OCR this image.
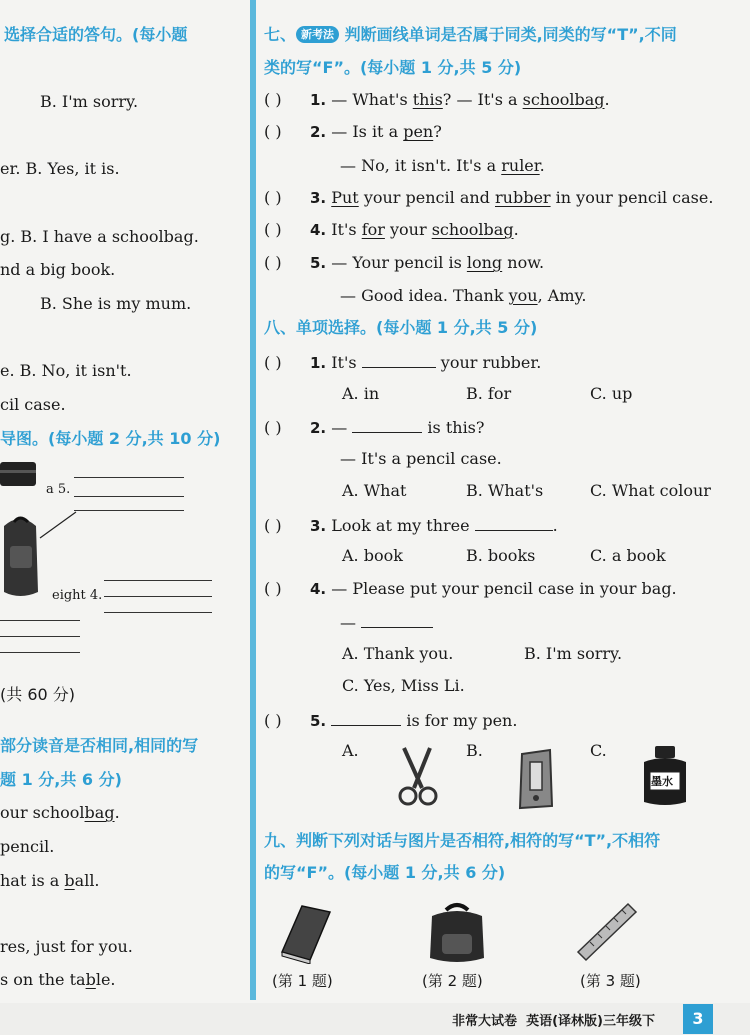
选择合适的答句。(每小题
B. I'm sorry.
er. B. Yes, it is.
g. B. I have a schoolbag.
nd a big book.
B. She is my mum.
e. B. No, it isn't.
cil case.
导图。(每小题 2 分,共 10 分)
a 5.
eight 4.
(共 60 分)
部分读音是否相同,相同的写
题 1 分,共 6 分)
our schoolbag.
pencil.
hat is a ball.
res, just for you.
s on the table.
七、 新考法 判断画线单词是否属于同类,同类的写“T”,不同
类的写“F”。(每小题 1 分,共 5 分)
( ) 1. — What's this? — It's a schoolbag.
( ) 2. — Is it a pen?
— No, it isn't. It's a ruler.
( ) 3. Put your pencil and rubber in your pencil case.
( ) 4. It's for your schoolbag.
( ) 5. — Your pencil is long now.
— Good idea. Thank you, Amy.
八、单项选择。(每小题 1 分,共 5 分)
( ) 1. It's	your rubber.
A. in	B. for	C. up
( ) 2. —	is this?
— It's a pencil case.
A. What	B. What's	C. What colour
( ) 3. Look at my three	.
A. book	B. books	C. a book
( ) 4. — Please put your pencil case in your bag.
—
A. Thank you.	B. I'm sorry.
C. Yes, Miss Li.
( ) 5.	is for my pen.
A.	B.	C.
墨水
九、判断下列对话与图片是否相符,相符的写“T”,不相符
的写“F”。(每小题 1 分,共 6 分)
(第 1 题)	(第 2 题)	(第 3 题)
非常大试卷 英语(译林版)三年级下	3
